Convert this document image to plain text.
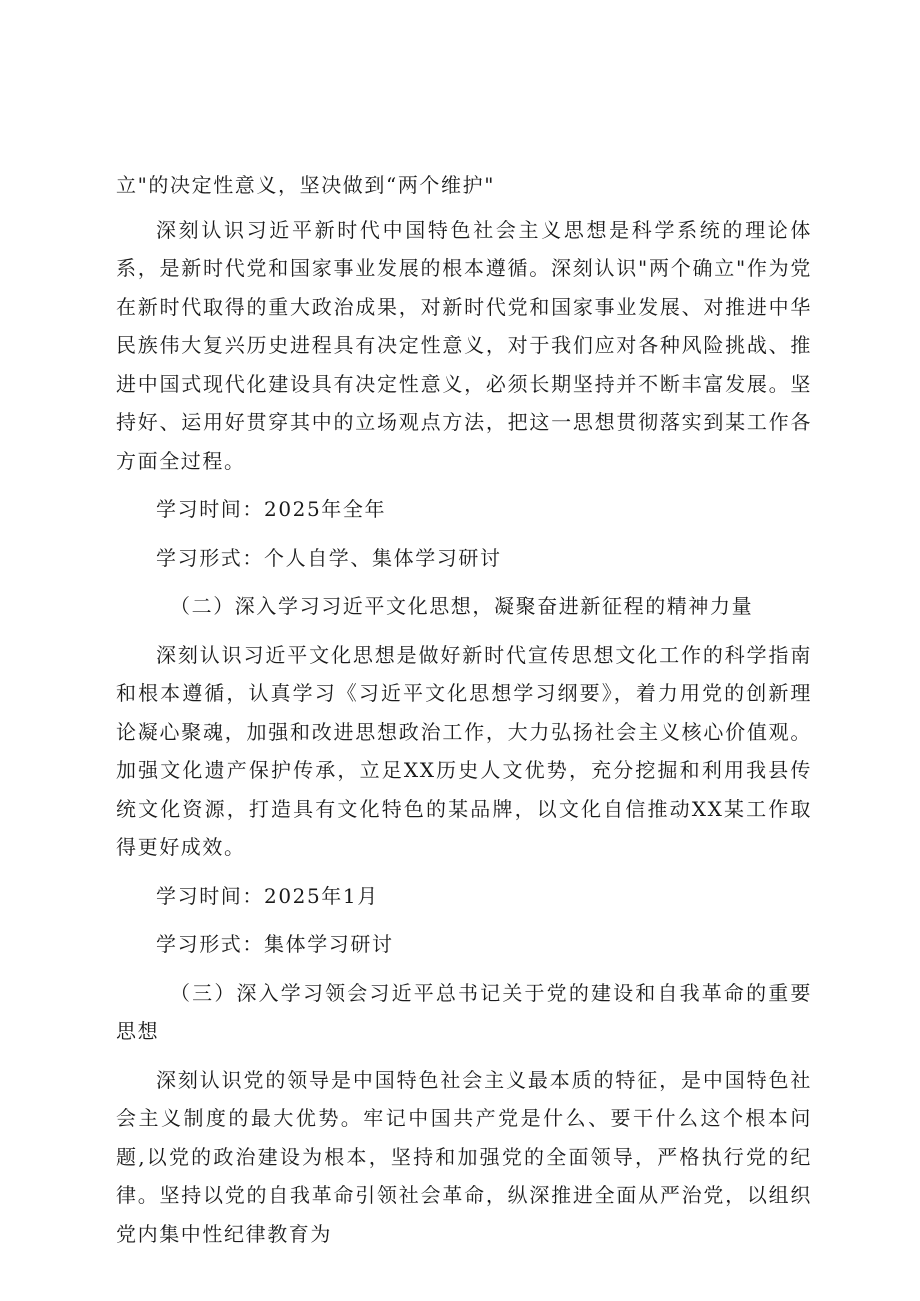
立"的决定性意义，坚决做到“两个维护"

深刻认识习近平新时代中国特色社会主义思想是科学系统的理论体系，是新时代党和国家事业发展的根本遵循。深刻认识"两个确立"作为党在新时代取得的重大政治成果，对新时代党和国家事业发展、对推进中华民族伟大复兴历史进程具有决定性意义，对于我们应对各种风险挑战、推进中国式现代化建设具有决定性意义，必须长期坚持并不断丰富发展。坚持好、运用好贯穿其中的立场观点方法，把这一思想贯彻落实到某工作各方面全过程。

学习时间：2025年全年

学习形式：个人自学、集体学习研讨

（二）深入学习习近平文化思想，凝聚奋进新征程的精神力量

深刻认识习近平文化思想是做好新时代宣传思想文化工作的科学指南和根本遵循，认真学习《习近平文化思想学习纲要》，着力用党的创新理论凝心聚魂，加强和改进思想政治工作，大力弘扬社会主义核心价值观。加强文化遗产保护传承，立足XX历史人文优势，充分挖掘和利用我县传统文化资源，打造具有文化特色的某品牌，以文化自信推动XX某工作取得更好成效。

学习时间：2025年1月

学习形式：集体学习研讨

（三）深入学习领会习近平总书记关于党的建设和自我革命的重要思想

深刻认识党的领导是中国特色社会主义最本质的特征，是中国特色社会主义制度的最大优势。牢记中国共产党是什么、要干什么这个根本问题,以党的政治建设为根本，坚持和加强党的全面领导，严格执行党的纪律。坚持以党的自我革命引领社会革命，纵深推进全面从严治党，以组织党内集中性纪律教育为
